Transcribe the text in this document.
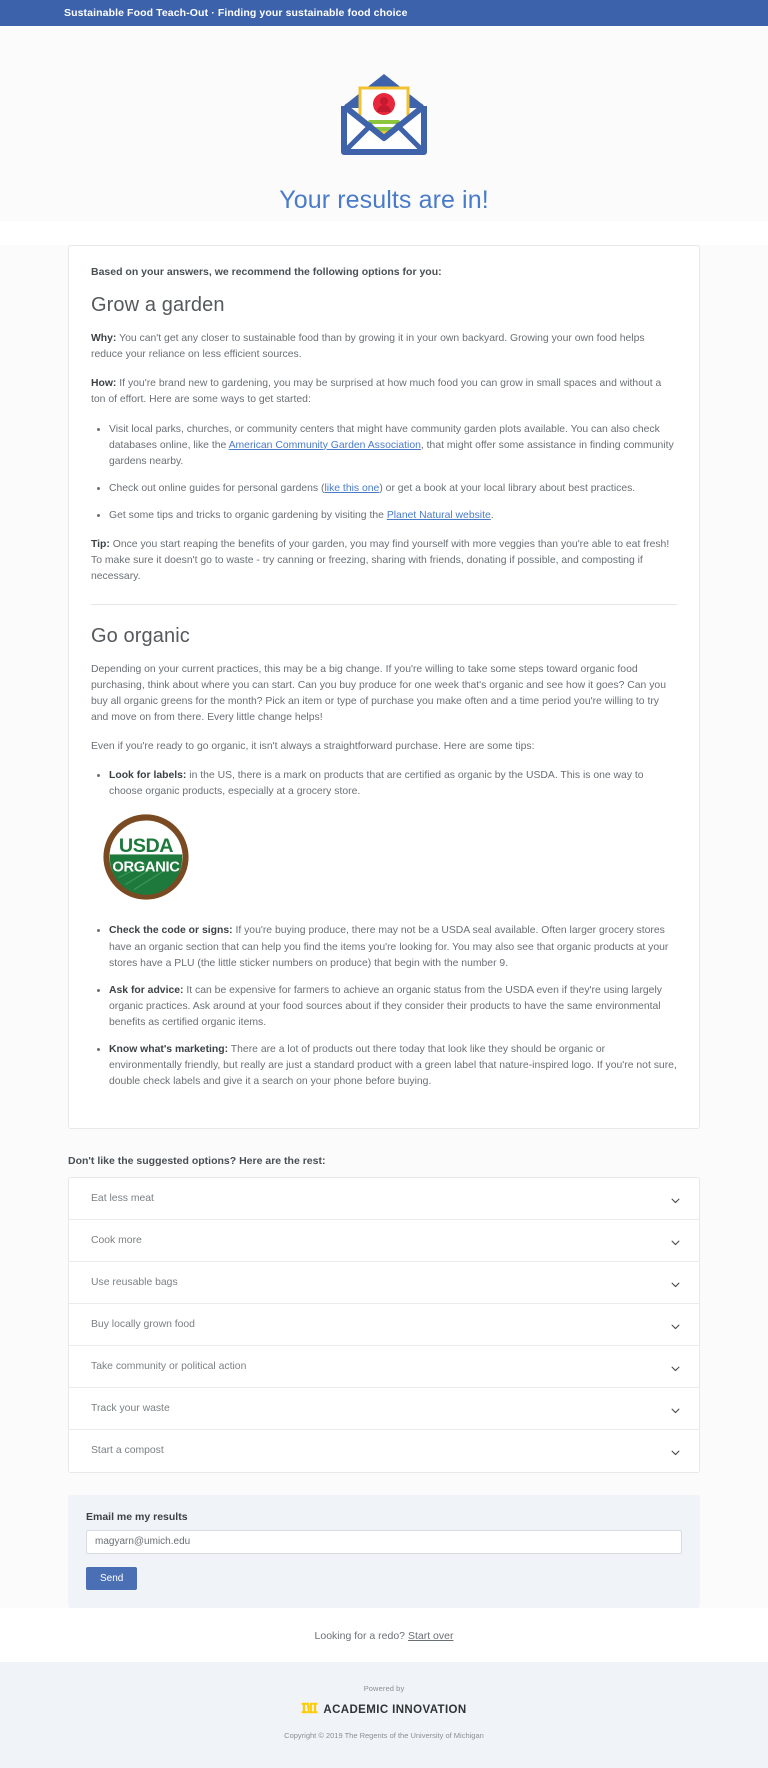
Sustainable Food Teach-Out · Finding your sustainable food choice
Your results are in!

Based on your answers, we recommend the following options for you:

Grow a garden

Why: You can't get any closer to sustainable food than by growing it in your own backyard. Growing your own food helps reduce your reliance on less efficient sources.

How: If you're brand new to gardening, you may be surprised at how much food you can grow in small spaces and without a ton of effort. Here are some ways to get started:

• Visit local parks, churches, or community centers that might have community garden plots available. You can also check databases online, like the American Community Garden Association, that might offer some assistance in finding community gardens nearby.
• Check out online guides for personal gardens (like this one) or get a book at your local library about best practices.
• Get some tips and tricks to organic gardening by visiting the Planet Natural website.

Tip: Once you start reaping the benefits of your garden, you may find yourself with more veggies than you're able to eat fresh! To make sure it doesn't go to waste - try canning or freezing, sharing with friends, donating if possible, and composting if necessary.

Go organic

Depending on your current practices, this may be a big change. If you're willing to take some steps toward organic food purchasing, think about where you can start. Can you buy produce for one week that's organic and see how it goes? Can you buy all organic greens for the month? Pick an item or type of purchase you make often and a time period you're willing to try and move on from there. Every little change helps!

Even if you're ready to go organic, it isn't always a straightforward purchase. Here are some tips:

• Look for labels: in the US, there is a mark on products that are certified as organic by the USDA. This is one way to choose organic products, especially at a grocery store.
USDA
ORGANIC
• Check the code or signs: If you're buying produce, there may not be a USDA seal available. Often larger grocery stores have an organic section that can help you find the items you're looking for. You may also see that organic products at your stores have a PLU (the little sticker numbers on produce) that begin with the number 9.
• Ask for advice: It can be expensive for farmers to achieve an organic status from the USDA even if they're using largely organic practices. Ask around at your food sources about if they consider their products to have the same environmental benefits as certified organic items.
• Know what's marketing: There are a lot of products out there today that look like they should be organic or environmentally friendly, but really are just a standard product with a green label that nature-inspired logo. If you're not sure, double check labels and give it a search on your phone before buying.

Don't like the suggested options? Here are the rest:

Eat less meat
Cook more
Use reusable bags
Buy locally grown food
Take community or political action
Track your waste
Start a compost

Email me my results

magyarn@umich.edu
Send
Looking for a redo? Start over

Powered by

ACADEMIC INNOVATION

Copyright © 2019 The Regents of the University of Michigan
